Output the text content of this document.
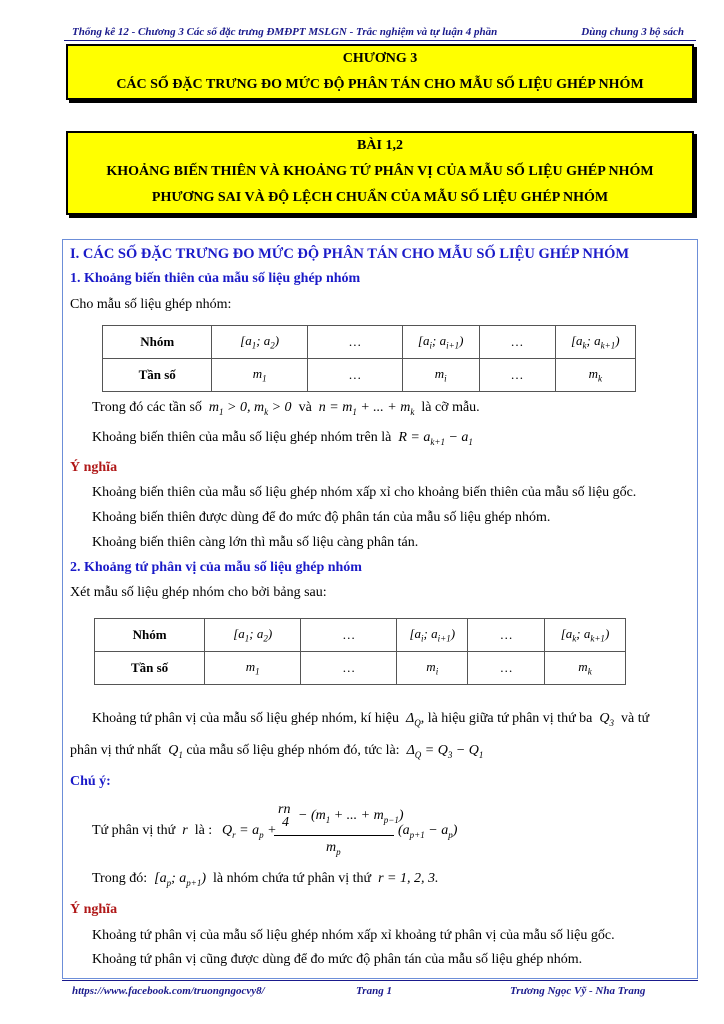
Thống kê 12 - Chương 3 Các số đặc trưng ĐMĐPT MSLGN - Trắc nghiệm và tự luận 4 phần	Dùng chung 3 bộ sách
CHƯƠNG 3
CÁC SỐ ĐẶC TRƯNG ĐO MỨC ĐỘ PHÂN TÁN CHO MẪU SỐ LIỆU GHÉP NHÓM
BÀI 1,2
KHOẢNG BIẾN THIÊN VÀ KHOẢNG TỨ PHÂN VỊ CỦA MẪU SỐ LIỆU GHÉP NHÓM
PHƯƠNG SAI VÀ ĐỘ LỆCH CHUẨN CỦA MẪU SỐ LIỆU GHÉP NHÓM
I. CÁC SỐ ĐẶC TRƯNG ĐO MỨC ĐỘ PHÂN TÁN CHO MẪU SỐ LIỆU GHÉP NHÓM
1. Khoảng biến thiên của mẫu số liệu ghép nhóm
Cho mẫu số liệu ghép nhóm:
Nhóm	[$a_1$; $a_2$)	…	[$a_i$; $a_{i+1}$)	…	[$a_k$; $a_{k+1}$)
Tần số	$m_1$	…	$m_i$	…	$m_k$
Trong đó các tần số  $m_1 > 0$, $m_k > 0$  và  $n = m_1$ + ... + $m_k$ là cỡ mẫu.
Khoảng biến thiên của mẫu số liệu ghép nhóm trên là  $R = a_{k+1} - a_1$
Ý nghĩa
Khoảng biến thiên của mẫu số liệu ghép nhóm xấp xỉ cho khoảng biến thiên của mẫu số liệu gốc.
Khoảng biến thiên được dùng để đo mức độ phân tán của mẫu số liệu ghép nhóm.
Khoảng biến thiên càng lớn thì mẫu số liệu càng phân tán.
2. Khoảng tứ phân vị của mẫu số liệu ghép nhóm
Xét mẫu số liệu ghép nhóm cho bởi bảng sau:
Nhóm	[$a_1$; $a_2$)	…	[$a_i$; $a_{i+1}$)	…	[$a_k$; $a_{k+1}$)
Tần số	$m_1$	…	$m_i$	…	$m_k$
Khoảng tứ phân vị của mẫu số liệu ghép nhóm, kí hiệu  $\Delta_Q$, là hiệu giữa tứ phân vị thứ ba  $Q_3$ và tứ
phân vị thứ nhất  $Q_1$ của mẫu số liệu ghép nhóm đó, tức là:  $\Delta_Q = Q_3 - Q_1$
Chú ý:
Tứ phân vị thứ  r  là : $Q_r = a_p$ +
rn
$4 - (m_1$ + ... + $m_{p-1}$)
$m_p$
$(a_{p+1} - a_p)$
Trong đó:  [$a_p$; $a_{p+1}$)  là nhóm chứa tứ phân vị thứ  r = 1, 2, 3.
Ý nghĩa
Khoảng tứ phân vị của mẫu số liệu ghép nhóm xấp xỉ khoảng tứ phân vị của mẫu số liệu gốc.
Khoảng tứ phân vị cũng được dùng để đo mức độ phân tán của mẫu số liệu ghép nhóm.
https://www.facebook.com/truongngocvy8/	Trang 1	Trương Ngọc Vỹ - Nha Trang
